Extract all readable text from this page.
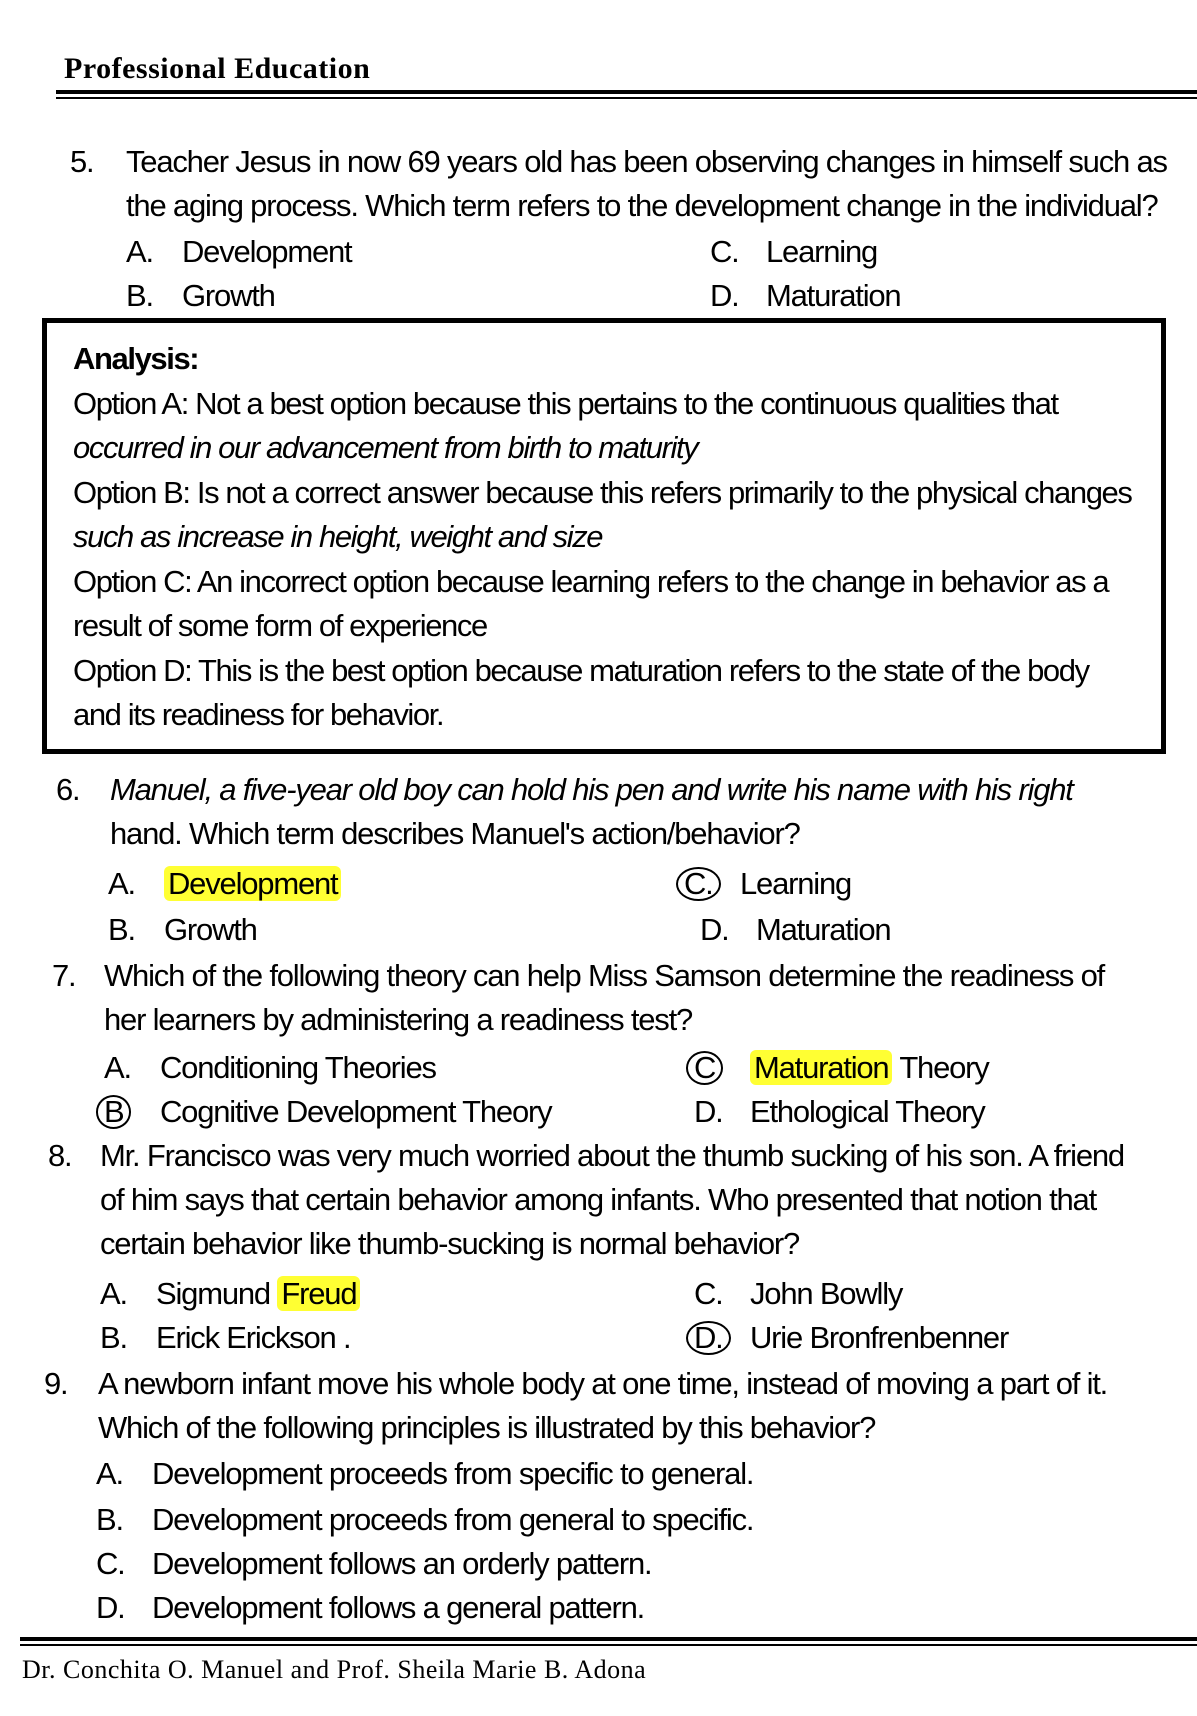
Professional Education
5. Teacher Jesus in now 69 years old has been observing changes in himself such as
the aging process. Which term refers to the development change in the individual?
A. Development
B. Growth
C. Learning
D. Maturation
Analysis:
Option A: Not a best option because this pertains to the continuous qualities that
occurred in our advancement from birth to maturity
Option B: Is not a correct answer because this refers primarily to the physical changes
such as increase in height, weight and size
Option C: An incorrect option because learning refers to the change in behavior as a
result of some form of experience
Option D: This is the best option because maturation refers to the state of the body
and its readiness for behavior.
6. Manuel, a five-year old boy can hold his pen and write his name with his right
hand. Which term describes Manuel's action/behavior?
A. Development
B. Growth
C. Learning
D. Maturation
7. Which of the following theory can help Miss Samson determine the readiness of
her learners by administering a readiness test?
A. Conditioning Theories
B Cognitive Development Theory
C Maturation Theory
D. Ethological Theory
8. Mr. Francisco was very much worried about the thumb sucking of his son. A friend
of him says that certain behavior among infants. Who presented that notion that
certain behavior like thumb-sucking is normal behavior?
A. Sigmund Freud
B. Erick Erickson .
C. John Bowlly
D. Urie Bronfrenbenner
9. A newborn infant move his whole body at one time, instead of moving a part of it.
Which of the following principles is illustrated by this behavior?
A. Development proceeds from specific to general.
B. Development proceeds from general to specific.
C. Development follows an orderly pattern.
D. Development follows a general pattern.
Dr. Conchita O. Manuel and Prof. Sheila Marie B. Adona
